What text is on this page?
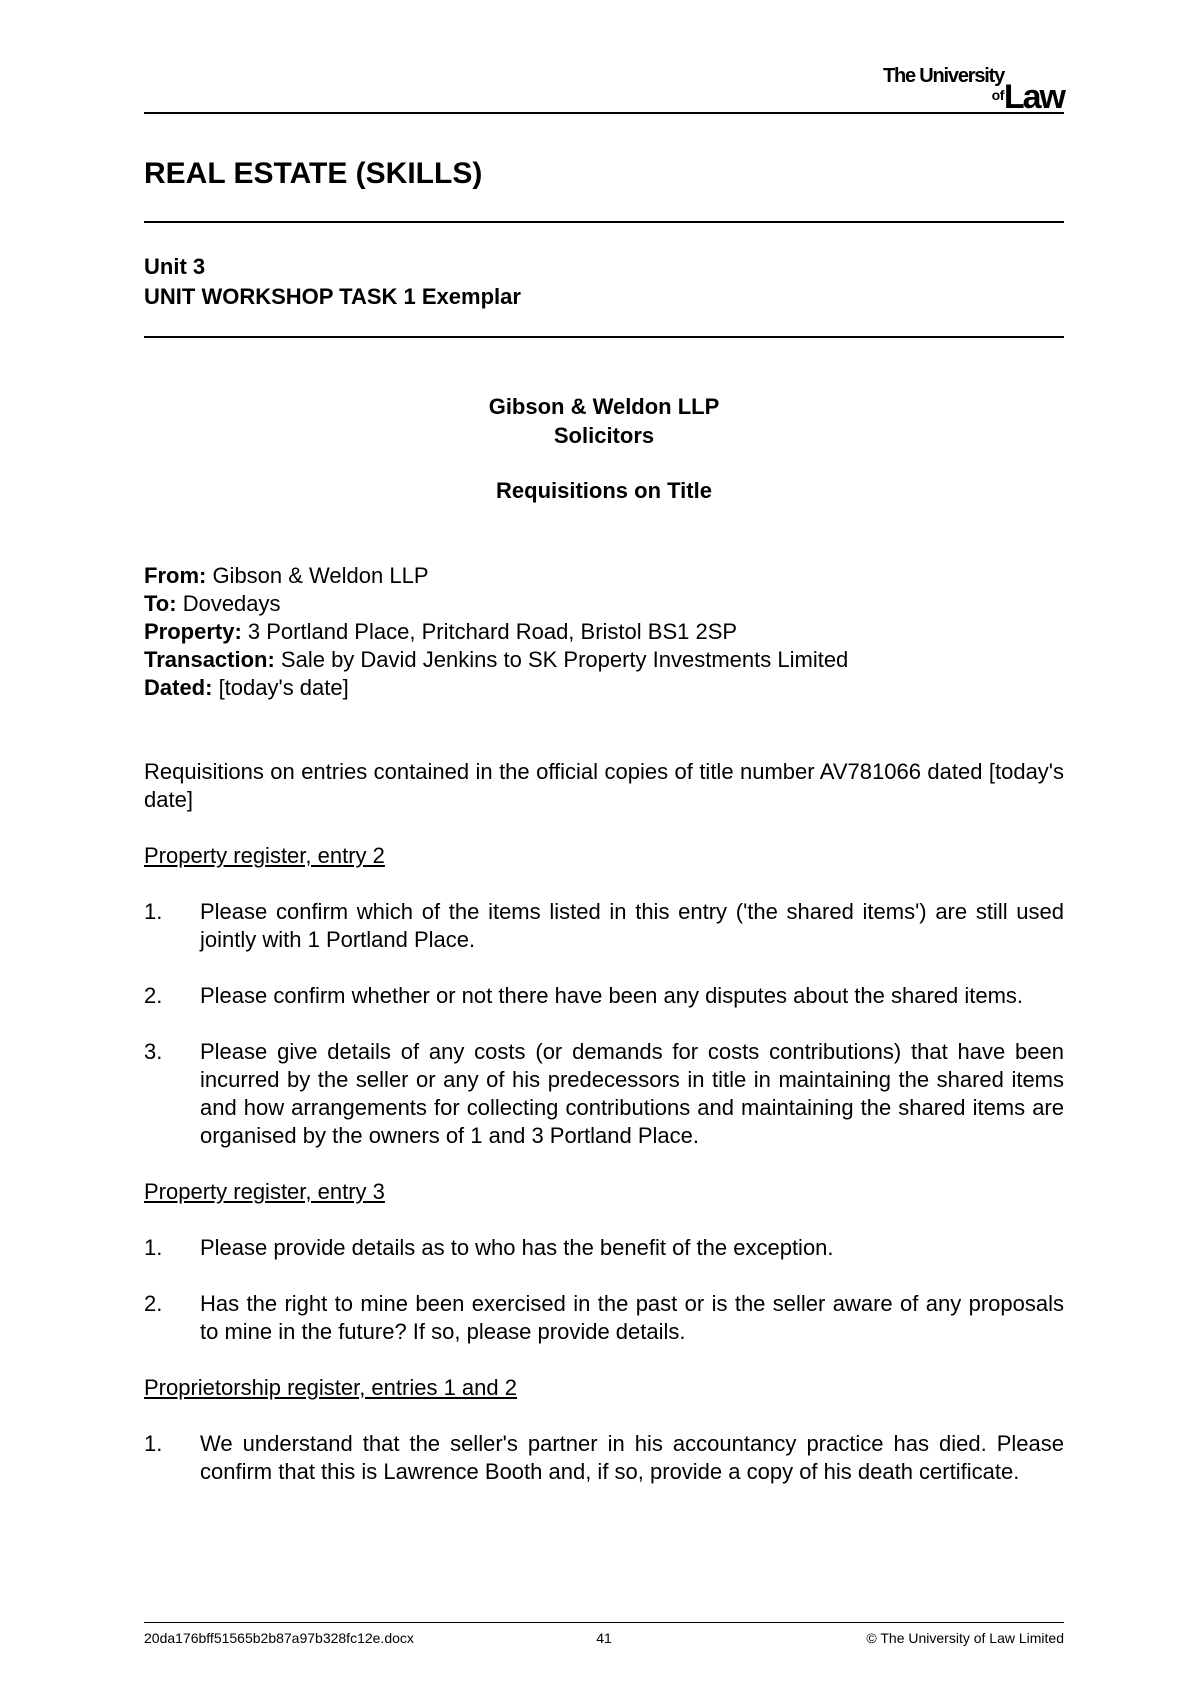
The University
ofLaw
REAL ESTATE (SKILLS)
Unit 3
UNIT WORKSHOP TASK 1 Exemplar
Gibson & Weldon LLP
Solicitors
Requisitions on Title
From: Gibson & Weldon LLP
To: Dovedays
Property: 3 Portland Place, Pritchard Road, Bristol BS1 2SP
Transaction: Sale by David Jenkins to SK Property Investments Limited
Dated: [today's date]

Requisitions on entries contained in the official copies of title number AV781066 dated [today's date]

Property register, entry 2
1.	Please confirm which of the items listed in this entry ('the shared items') are still used jointly with 1 Portland Place.
2.	Please confirm whether or not there have been any disputes about the shared items.
3.	Please give details of any costs (or demands for costs contributions) that have been incurred by the seller or any of his predecessors in title in maintaining the shared items and how arrangements for collecting contributions and maintaining the shared items are organised by the owners of 1 and 3 Portland Place.
Property register, entry 3
1.	Please provide details as to who has the benefit of the exception.
2.	Has the right to mine been exercised in the past or is the seller aware of any proposals to mine in the future? If so, please provide details.
Proprietorship register, entries 1 and 2
1.	We understand that the seller's partner in his accountancy practice has died. Please confirm that this is Lawrence Booth and, if so, provide a copy of his death certificate.
20da176bff51565b2b87a97b328fc12e.docx	41	© The University of Law Limited
